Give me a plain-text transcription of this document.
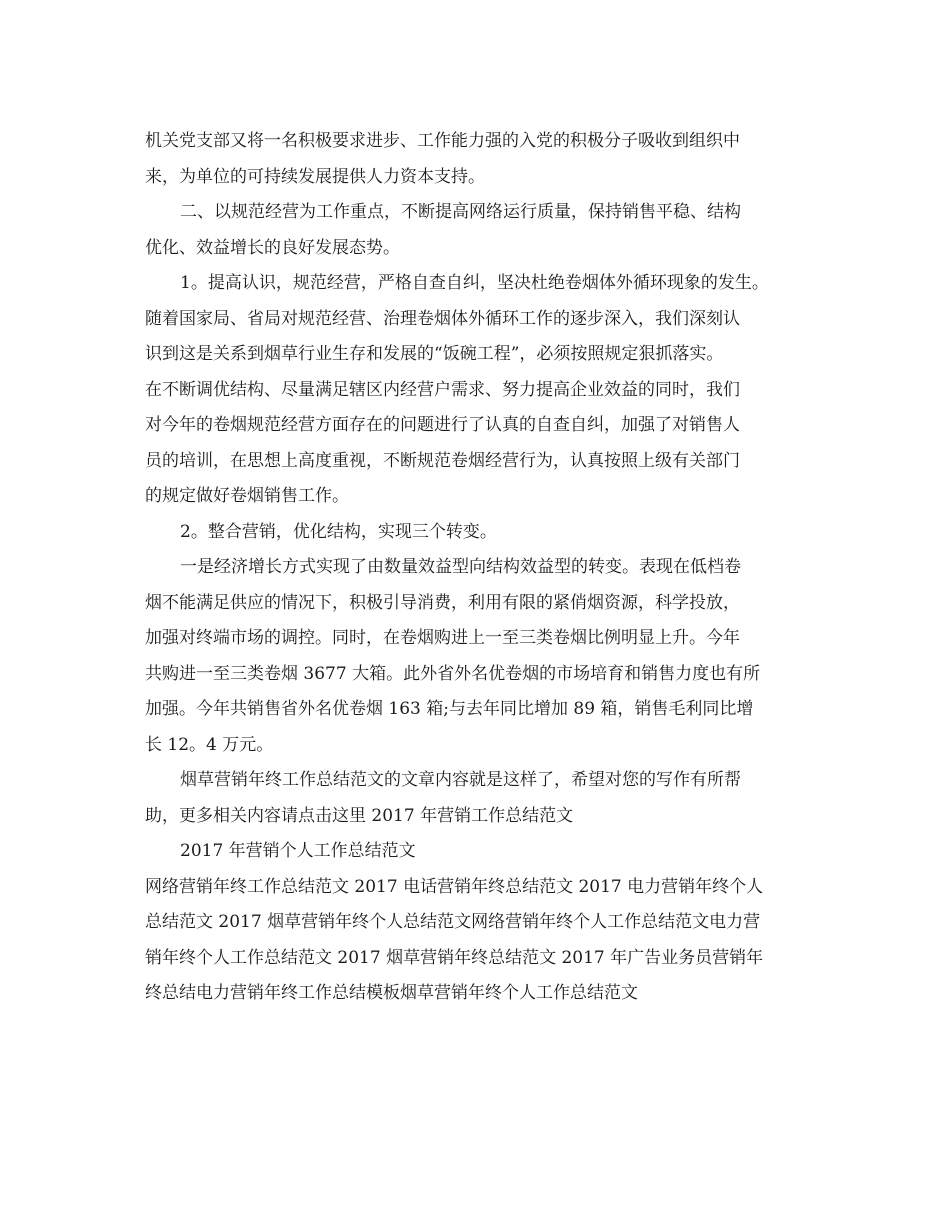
机关党支部又将一名积极要求进步、工作能力强的入党的积极分子吸收到组织中
来，为单位的可持续发展提供人力资本支持。
二、以规范经营为工作重点，不断提高网络运行质量，保持销售平稳、结构
优化、效益增长的良好发展态势。
1。提高认识，规范经营，严格自查自纠，坚决杜绝卷烟体外循环现象的发生。
随着国家局、省局对规范经营、治理卷烟体外循环工作的逐步深入，我们深刻认
识到这是关系到烟草行业生存和发展的“饭碗工程”，必须按照规定狠抓落实。
在不断调优结构、尽量满足辖区内经营户需求、努力提高企业效益的同时，我们
对今年的卷烟规范经营方面存在的问题进行了认真的自查自纠，加强了对销售人
员的培训，在思想上高度重视，不断规范卷烟经营行为，认真按照上级有关部门
的规定做好卷烟销售工作。
2。整合营销，优化结构，实现三个转变。
一是经济增长方式实现了由数量效益型向结构效益型的转变。表现在低档卷
烟不能满足供应的情况下，积极引导消费，利用有限的紧俏烟资源，科学投放，
加强对终端市场的调控。同时，在卷烟购进上一至三类卷烟比例明显上升。今年
共购进一至三类卷烟 3677 大箱。此外省外名优卷烟的市场培育和销售力度也有所
加强。今年共销售省外名优卷烟 163 箱;与去年同比增加 89 箱，销售毛利同比增
长 12。4 万元。
烟草营销年终工作总结范文的文章内容就是这样了，希望对您的写作有所帮
助，更多相关内容请点击这里 2017 年营销工作总结范文
2017 年营销个人工作总结范文
网络营销年终工作总结范文 2017 电话营销年终总结范文 2017 电力营销年终个人
总结范文 2017 烟草营销年终个人总结范文网络营销年终个人工作总结范文电力营
销年终个人工作总结范文 2017 烟草营销年终总结范文 2017 年广告业务员营销年
终总结电力营销年终工作总结模板烟草营销年终个人工作总结范文
